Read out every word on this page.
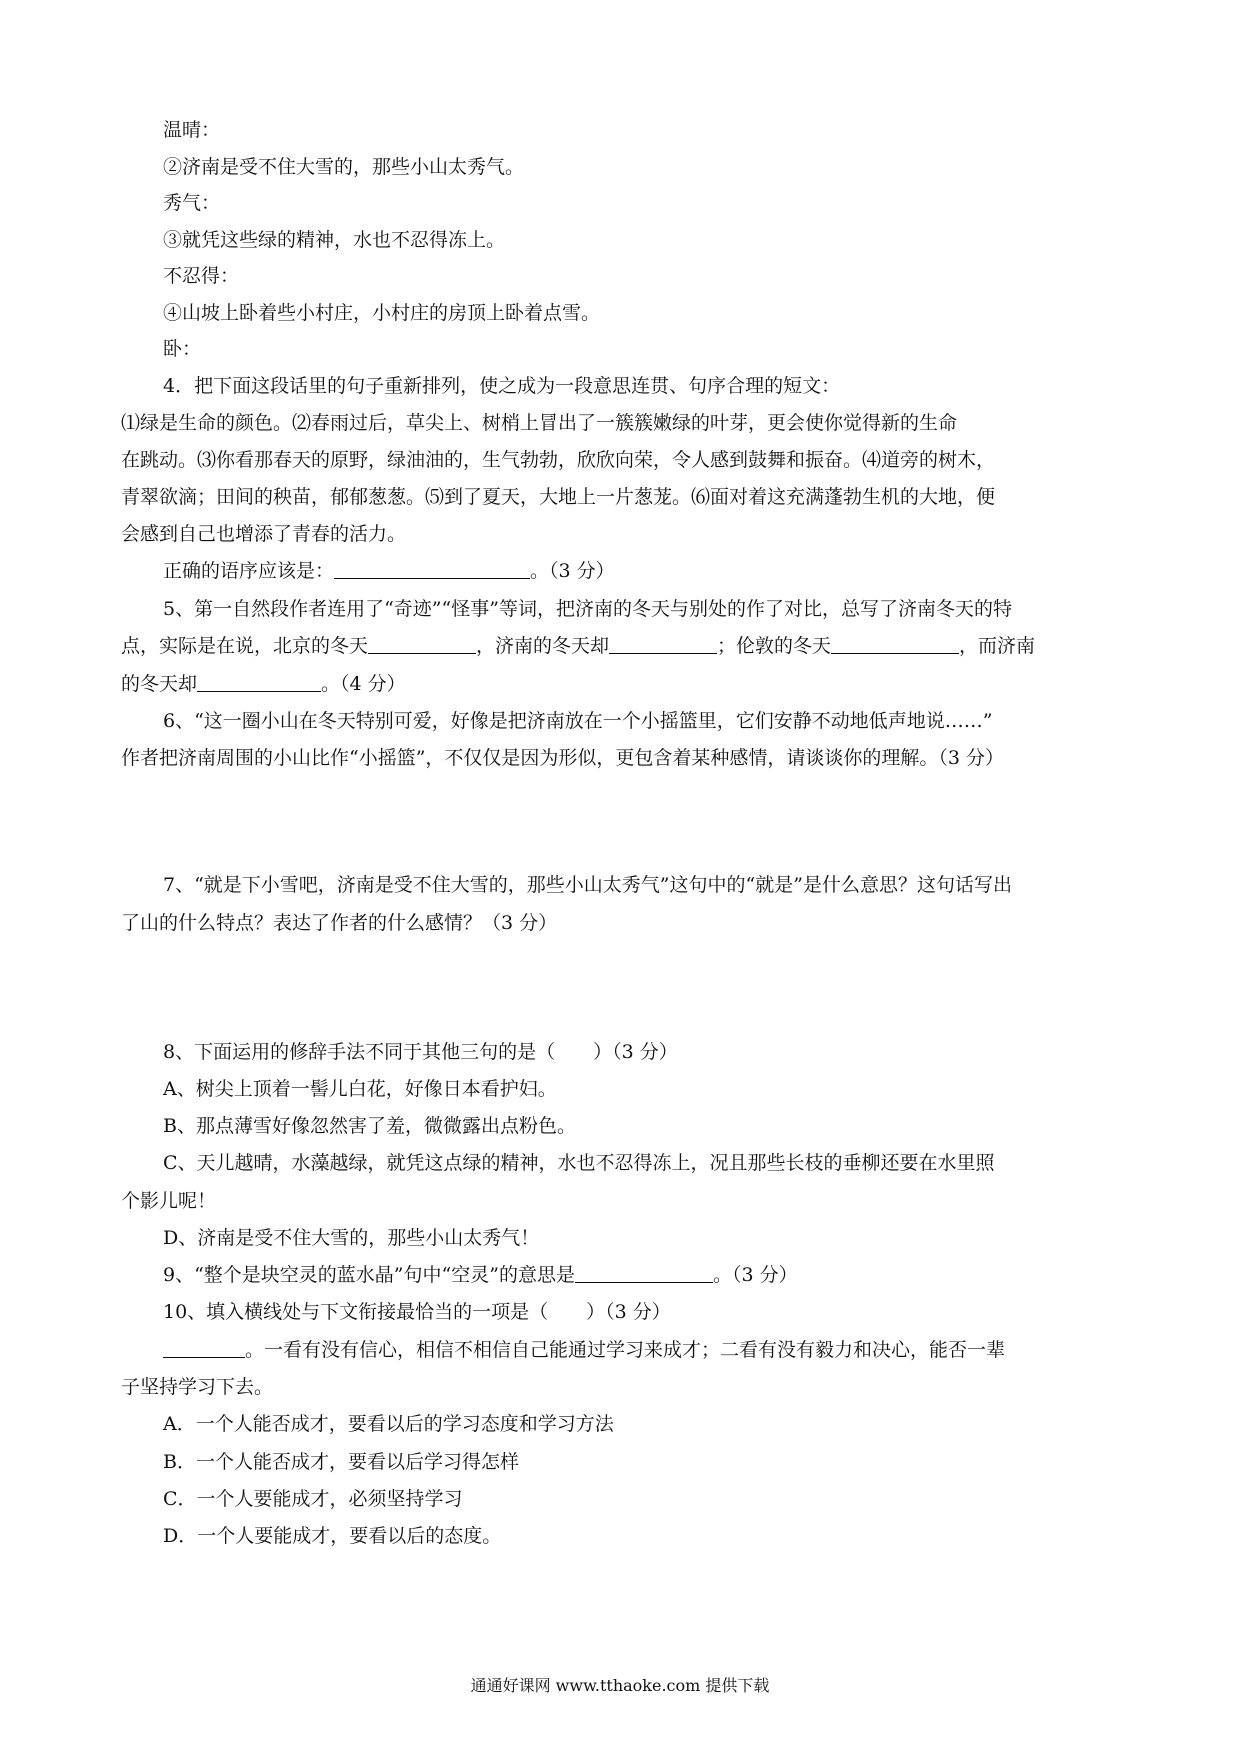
温晴：
②济南是受不住大雪的，那些小山太秀气。
秀气：
③就凭这些绿的精神，水也不忍得冻上。
不忍得：
④山坡上卧着些小村庄，小村庄的房顶上卧着点雪。
卧：
4．把下面这段话里的句子重新排列，使之成为一段意思连贯、句序合理的短文：
⑴绿是生命的颜色。⑵春雨过后，草尖上、树梢上冒出了一簇簇嫩绿的叶芽，更会使你觉得新的生命
在跳动。⑶你看那春天的原野，绿油油的，生气勃勃，欣欣向荣，令人感到鼓舞和振奋。⑷道旁的树木，
青翠欲滴；田间的秧苗，郁郁葱葱。⑸到了夏天，大地上一片葱茏。⑹面对着这充满蓬勃生机的大地，便
会感到自己也增添了青春的活力。
正确的语序应该是：	。（3 分）
5、第一自然段作者连用了“奇迹”“怪事”等词，把济南的冬天与别处的作了对比，总写了济南冬天的特
点，实际是在说，北京的冬天	，济南的冬天却	；伦敦的冬天	，而济南
的冬天却	。（4 分）
6、“这一圈小山在冬天特别可爱，好像是把济南放在一个小摇篮里，它们安静不动地低声地说……”
作者把济南周围的小山比作“小摇篮”，不仅仅是因为形似，更包含着某种感情，请谈谈你的理解。（3 分）
7、“就是下小雪吧，济南是受不住大雪的，那些小山太秀气”这句中的“就是”是什么意思？这句话写出
了山的什么特点？表达了作者的什么感情？（3 分）
8、下面运用的修辞手法不同于其他三句的是（　　）（3 分）
A、树尖上顶着一髻儿白花，好像日本看护妇。
B、那点薄雪好像忽然害了羞，微微露出点粉色。
C、天儿越晴，水藻越绿，就凭这点绿的精神，水也不忍得冻上，况且那些长枝的垂柳还要在水里照
个影儿呢！
D、济南是受不住大雪的，那些小山太秀气！
9、“整个是块空灵的蓝水晶”句中“空灵”的意思是	。（3 分）
10、填入横线处与下文衔接最恰当的一项是（　　）（3 分）
。一看有没有信心，相信不相信自己能通过学习来成才；二看有没有毅力和决心，能否一辈
子坚持学习下去。
A．一个人能否成才，要看以后的学习态度和学习方法
B．一个人能否成才，要看以后学习得怎样
C．一个人要能成才，必须坚持学习
D．一个人要能成才，要看以后的态度。
通通好课网 www.tthaoke.com 提供下载
